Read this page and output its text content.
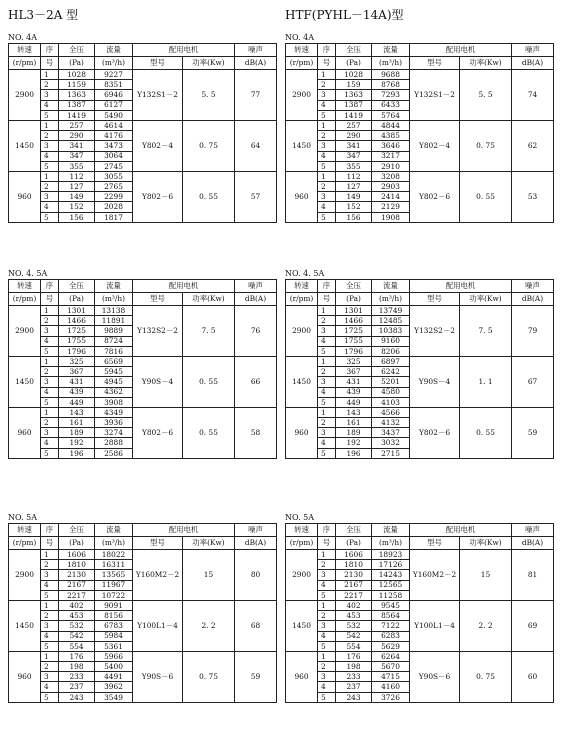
HL3－2A 型
NO. 4A
转速	序	全压	流量	配用电机		噪声
(r/pm)	号	(Pa)	(m³/h)	型号	功率(Kw)	dB(A)
2900	1	1028	9227	Y132S1－2	5. 5	77
	2	1159	8351			
	3	1363	6946			
	4	1387	6127			
	5	1419	5490			
1450	1	257	4614	Y802－4	0. 75	64
	2	290	4176			
	3	341	3473			
	4	347	3064			
	5	355	2745			
960	1	112	3055	Y802－6	0. 55	57
	2	127	2765			
	3	149	2299			
	4	152	2028			
	5	156	1817			
NO. 4. 5A
转速	序	全压	流量	配用电机		噪声
(r/pm)	号	(Pa)	(m³/h)	型号	功率(Kw)	dB(A)
2900	1	1301	13138	Y132S2－2	7. 5	76
	2	1466	11891			
	3	1725	9889			
	4	1755	8724			
	5	1796	7816			
1450	1	325	6569	Y90S－4	0. 55	66
	2	367	5945			
	3	431	4945			
	4	439	4362			
	5	449	3908			
960	1	143	4349	Y802－6	0. 55	58
	2	161	3936			
	3	189	3274			
	4	192	2888			
	5	196	2586			
NO. 5A
转速	序	全压	流量	配用电机		噪声
(r/pm)	号	(Pa)	(m³/h)	型号	功率(Kw)	dB(A)
2900	1	1606	18022	Y160M2－2	15	80
	2	1810	16311			
	3	2130	13565			
	4	2167	11967			
	5	2217	10722			
1450	1	402	9091	Y100L1－4	2. 2	68
	2	453	8156			
	3	532	6783			
	4	542	5984			
	5	554	5361			
960	1	176	5966	Y90S－6	0. 75	59
	2	198	5400			
	3	233	4491			
	4	237	3962			
	5	243	3549			
HTF(PYHL－14A)型
NO. 4A
转速	序	全压	流量	配用电机		噪声
(r/pm)	号	(Pa)	(m³/h)	型号	功率(Kw)	dB(A)
2900	1	1028	9688	Y132S1－2	5. 5	74
	2	159	8768			
	3	1363	7293			
	4	1387	6433			
	5	1419	5764			
1450	1	257	4844	Y802－4	0. 75	62
	2	290	4385			
	3	341	3646			
	4	347	3217			
	5	355	2910			
960	1	112	3208	Y802－6	0. 55	53
	2	127	2903			
	3	149	2414			
	4	152	2129			
	5	156	1908			
NO. 4. 5A
转速	序	全压	流量	配用电机		噪声
(r/pm)	号	(Pa)	(m³/h)	型号	功率(Kw)	dB(A)
2900	1	1301	13749	Y132S2－2	7. 5	79
	2	1466	12485			
	3	1725	10383			
	4	1755	9160			
	5	1796	8206			
1450	1	325	6897	Y90S－4	1. 1	67
	2	367	6242			
	3	431	5201			
	4	439	4580			
	5	449	4103			
960	1	143	4566	Y802－6	0. 55	59
	2	161	4132			
	3	189	3437			
	4	192	3032			
	5	196	2715			
NO. 5A
转速	序	全压	流量	配用电机		噪声
(r/pm)	号	(Pa)	(m³/h)	型号	功率(Kw)	dB(A)
2900	1	1606	18923	Y160M2－2	15	81
	2	1810	17126			
	3	2130	14243			
	4	2167	12565			
	5	2217	11258			
1450	1	402	9545	Y100L1－4	2. 2	69
	2	453	8564			
	3	532	7122			
	4	542	6283			
	5	554	5629			
960	1	176	6264	Y90S－6	0. 75	60
	2	198	5670			
	3	233	4715			
	4	237	4160			
	5	243	3726			
